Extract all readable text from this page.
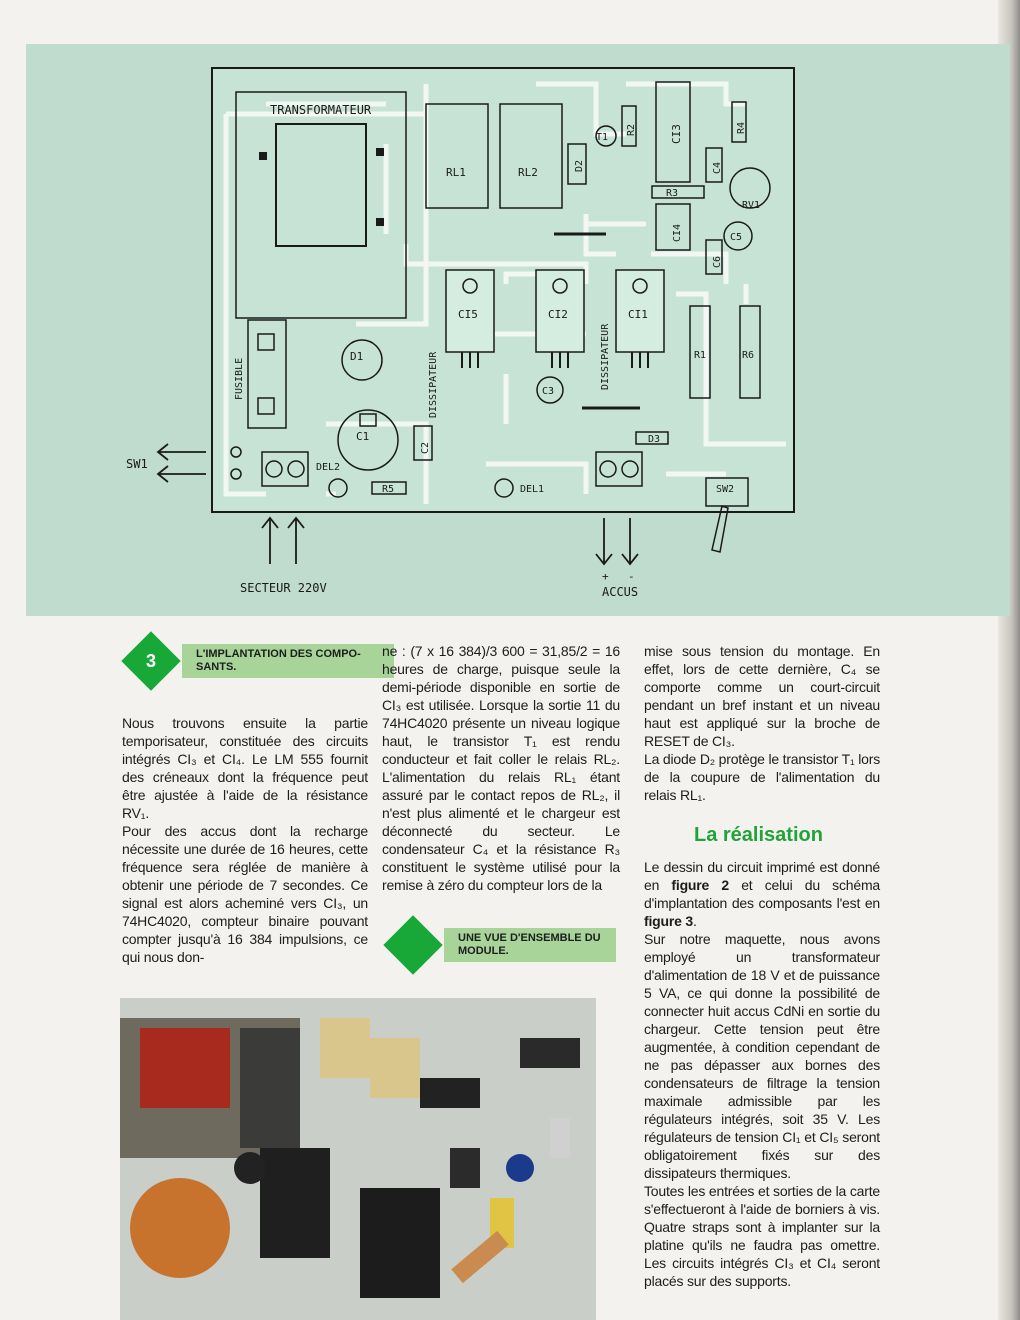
TRANSFORMATEUR
FUSIBLE
D1
C1
C2
RL1	RL2
D2
T1
R2	CI3	R4
C4
RV1
R3
CI4	C5
C6
CI5	CI2	CI1
DISSIPATEUR	DISSIPATEUR
C3
R1	R6
D3
DEL2
R5	DEL1	SW2
SW1
SECTEUR 220V
+ -
ACCUS
3	L'IMPLANTATION DES COMPO-SANTS.

Nous trouvons ensuite la partie temporisateur, constituée des circuits intégrés CI₃ et CI₄. Le LM 555 fournit des créneaux dont la fréquence peut être ajustée à l'aide de la résistance RV₁.

Pour des accus dont la recharge nécessite une durée de 16 heures, cette fréquence sera réglée de manière à obtenir une période de 7 secondes. Ce signal est alors acheminé vers CI₃, un 74HC4020, compteur binaire pouvant compter jusqu'à 16 384 impulsions, ce qui nous don-

ne : (7 x 16 384)/3 600 = 31,85/2 = 16 heures de charge, puisque seule la demi-période disponible en sortie de CI₃ est utilisée. Lorsque la sortie 11 du 74HC4020 présente un niveau logique haut, le transistor T₁ est rendu conducteur et fait coller le relais RL₂. L'alimentation du relais RL₁ étant assuré par le contact repos de RL₂, il n'est plus alimenté et le chargeur est déconnecté du secteur. Le condensateur C₄ et la résistance R₃ constituent le système utilisé pour la remise à zéro du compteur lors de la

UNE VUE D'ENSEMBLE DU MODULE.

mise sous tension du montage. En effet, lors de cette dernière, C₄ se comporte comme un court-circuit pendant un bref instant et un niveau haut est appliqué sur la broche de RESET de CI₃.

La diode D₂ protège le transistor T₁ lors de la coupure de l'alimentation du relais RL₁.

La réalisation

Le dessin du circuit imprimé est donné en figure 2 et celui du schéma d'implantation des composants l'est en figure 3.

Sur notre maquette, nous avons employé un transformateur d'alimentation de 18 V et de puissance 5 VA, ce qui donne la possibilité de connecter huit accus CdNi en sortie du chargeur. Cette tension peut être augmentée, à condition cependant de ne pas dépasser aux bornes des condensateurs de filtrage la tension maximale admissible par les régulateurs intégrés, soit 35 V. Les régulateurs de tension CI₁ et CI₅ seront obligatoirement fixés sur des dissipateurs thermiques.

Toutes les entrées et sorties de la carte s'effectueront à l'aide de borniers à vis. Quatre straps sont à implanter sur la platine qu'ils ne faudra pas omettre. Les circuits intégrés CI₃ et CI₄ seront placés sur des supports.
